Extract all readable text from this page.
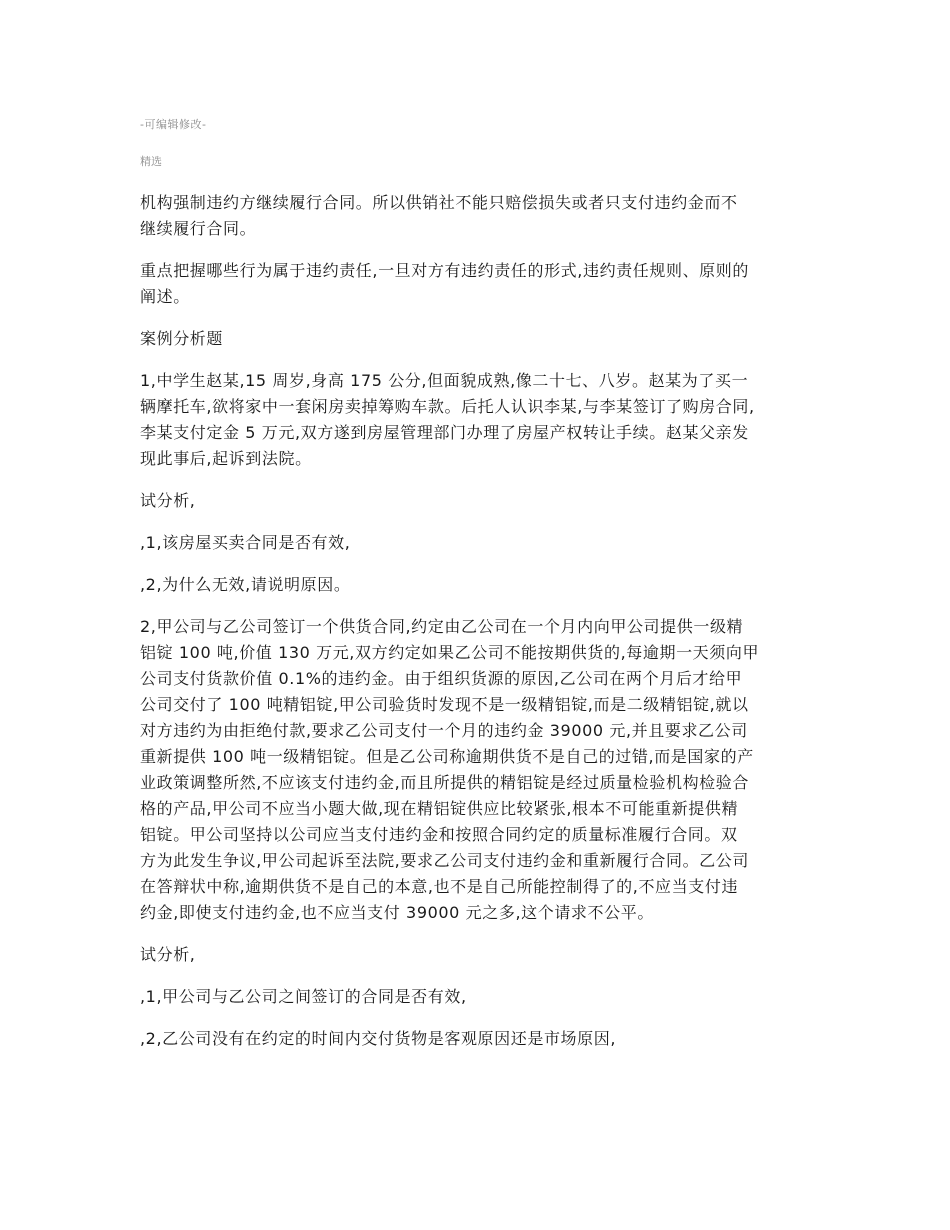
-可编辑修改-
精选

机构强制违约方继续履行合同。所以供销社不能只赔偿损失或者只支付违约金而不
继续履行合同。

重点把握哪些行为属于违约责任,一旦对方有违约责任的形式,违约责任规则、原则的
阐述。

案例分析题

1,中学生赵某,15 周岁,身高 175 公分,但面貌成熟,像二十七、八岁。赵某为了买一
辆摩托车,欲将家中一套闲房卖掉筹购车款。后托人认识李某,与李某签订了购房合同,
李某支付定金 5 万元,双方遂到房屋管理部门办理了房屋产权转让手续。赵某父亲发
现此事后,起诉到法院。

试分析,

,1,该房屋买卖合同是否有效,

,2,为什么无效,请说明原因。

2,甲公司与乙公司签订一个供货合同,约定由乙公司在一个月内向甲公司提供一级精
铝锭 100 吨,价值 130 万元,双方约定如果乙公司不能按期供货的,每逾期一天须向甲
公司支付货款价值 0.1%的违约金。由于组织货源的原因,乙公司在两个月后才给甲
公司交付了 100 吨精铝锭,甲公司验货时发现不是一级精铝锭,而是二级精铝锭,就以
对方违约为由拒绝付款,要求乙公司支付一个月的违约金 39000 元,并且要求乙公司
重新提供 100 吨一级精铝锭。但是乙公司称逾期供货不是自己的过错,而是国家的产
业政策调整所然,不应该支付违约金,而且所提供的精铝锭是经过质量检验机构检验合
格的产品,甲公司不应当小题大做,现在精铝锭供应比较紧张,根本不可能重新提供精
铝锭。甲公司坚持以公司应当支付违约金和按照合同约定的质量标准履行合同。双
方为此发生争议,甲公司起诉至法院,要求乙公司支付违约金和重新履行合同。乙公司
在答辩状中称,逾期供货不是自己的本意,也不是自己所能控制得了的,不应当支付违
约金,即使支付违约金,也不应当支付 39000 元之多,这个请求不公平。

试分析,

,1,甲公司与乙公司之间签订的合同是否有效,

,2,乙公司没有在约定的时间内交付货物是客观原因还是市场原因,
